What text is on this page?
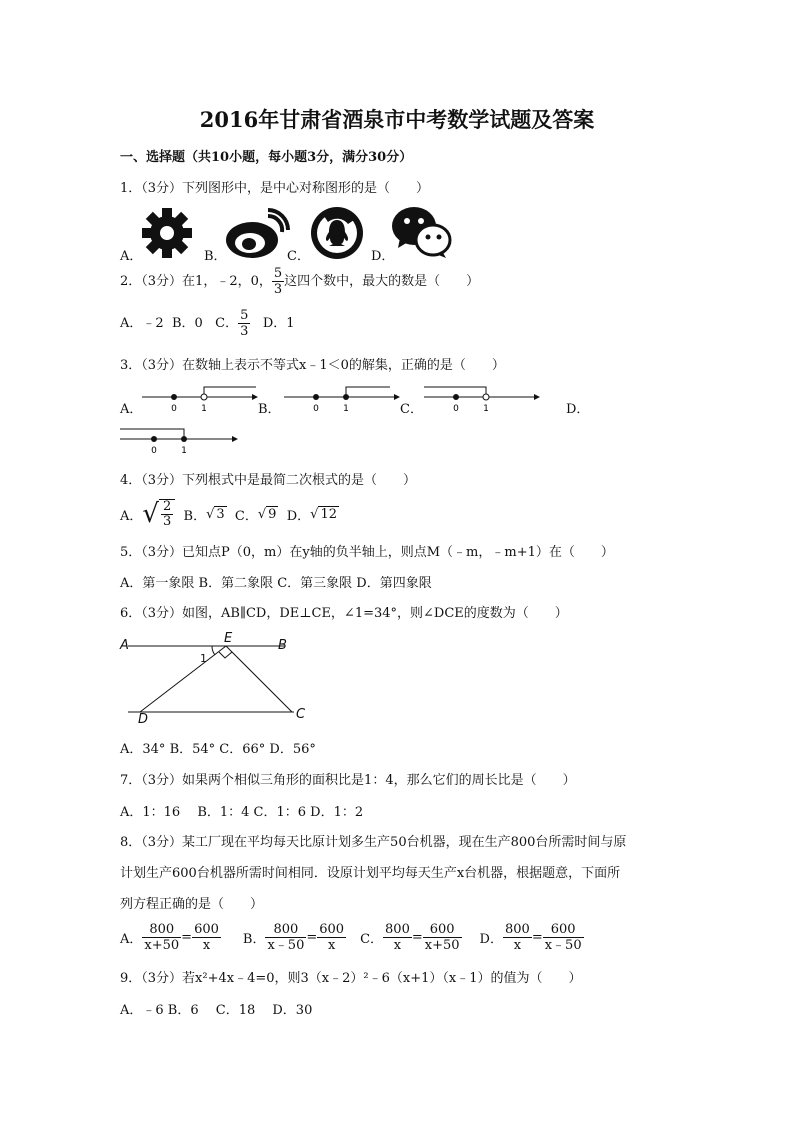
2016年甘肃省酒泉市中考数学试题及答案
一、选择题（共10小题，每小题3分，满分30分）
1．（3分）下列图形中，是中心对称图形的是（　　）
A．	B．	C．	D．
2．（3分）在1，﹣2，0， $\frac{5}{3}$ 这四个数中，最大的数是（　　）
A．﹣2 B．0 C． $\frac{5}{3}$ D．1
3．（3分）在数轴上表示不等式x﹣1＜0的解集，正确的是（　　）
A．	0	1	B．	0	1	C．	0	1	D．
0	1
4．（3分）下列根式中是最简二次根式的是（　　）
A． √ $\frac{2}{3}$
B． √ 3
C． √ 9
D． √ 12
5．（3分）已知点P（0，m）在y轴的负半轴上，则点M（﹣m，﹣m+1）在（　　）
A．第一象限 B．第二象限 C．第三象限 D．第四象限
6．（3分）如图，AB∥CD，DE⊥CE，∠1=34°，则∠DCE的度数为（　　）
A	B
E
D	C
1
A．34° B．54° C．66° D．56°
7．（3分）如果两个相似三角形的面积比是1：4，那么它们的周长比是（　　）
A．1：16　 B．1：4 C．1：6 D．1：2
8．（3分）某工厂现在平均每天比原计划多生产50台机器，现在生产800台所需时间与原
计划生产600台机器所需时间相同．设原计划平均每天生产x台机器，根据题意，下面所
列方程正确的是（　　）
A． $\frac{800}{x+50} = \frac{600}{x}$ B． $\frac{800}{x﹣50} = \frac{600}{x}$ C． $\frac{800}{x} = \frac{600}{x+50}$ D． $\frac{800}{x} = \frac{600}{x﹣50}$
9．（3分）若x²+4x﹣4=0，则3（x﹣2）²﹣6（x+1）（x﹣1）的值为（　　）
A．﹣6 B．6　 C．18　 D．30
